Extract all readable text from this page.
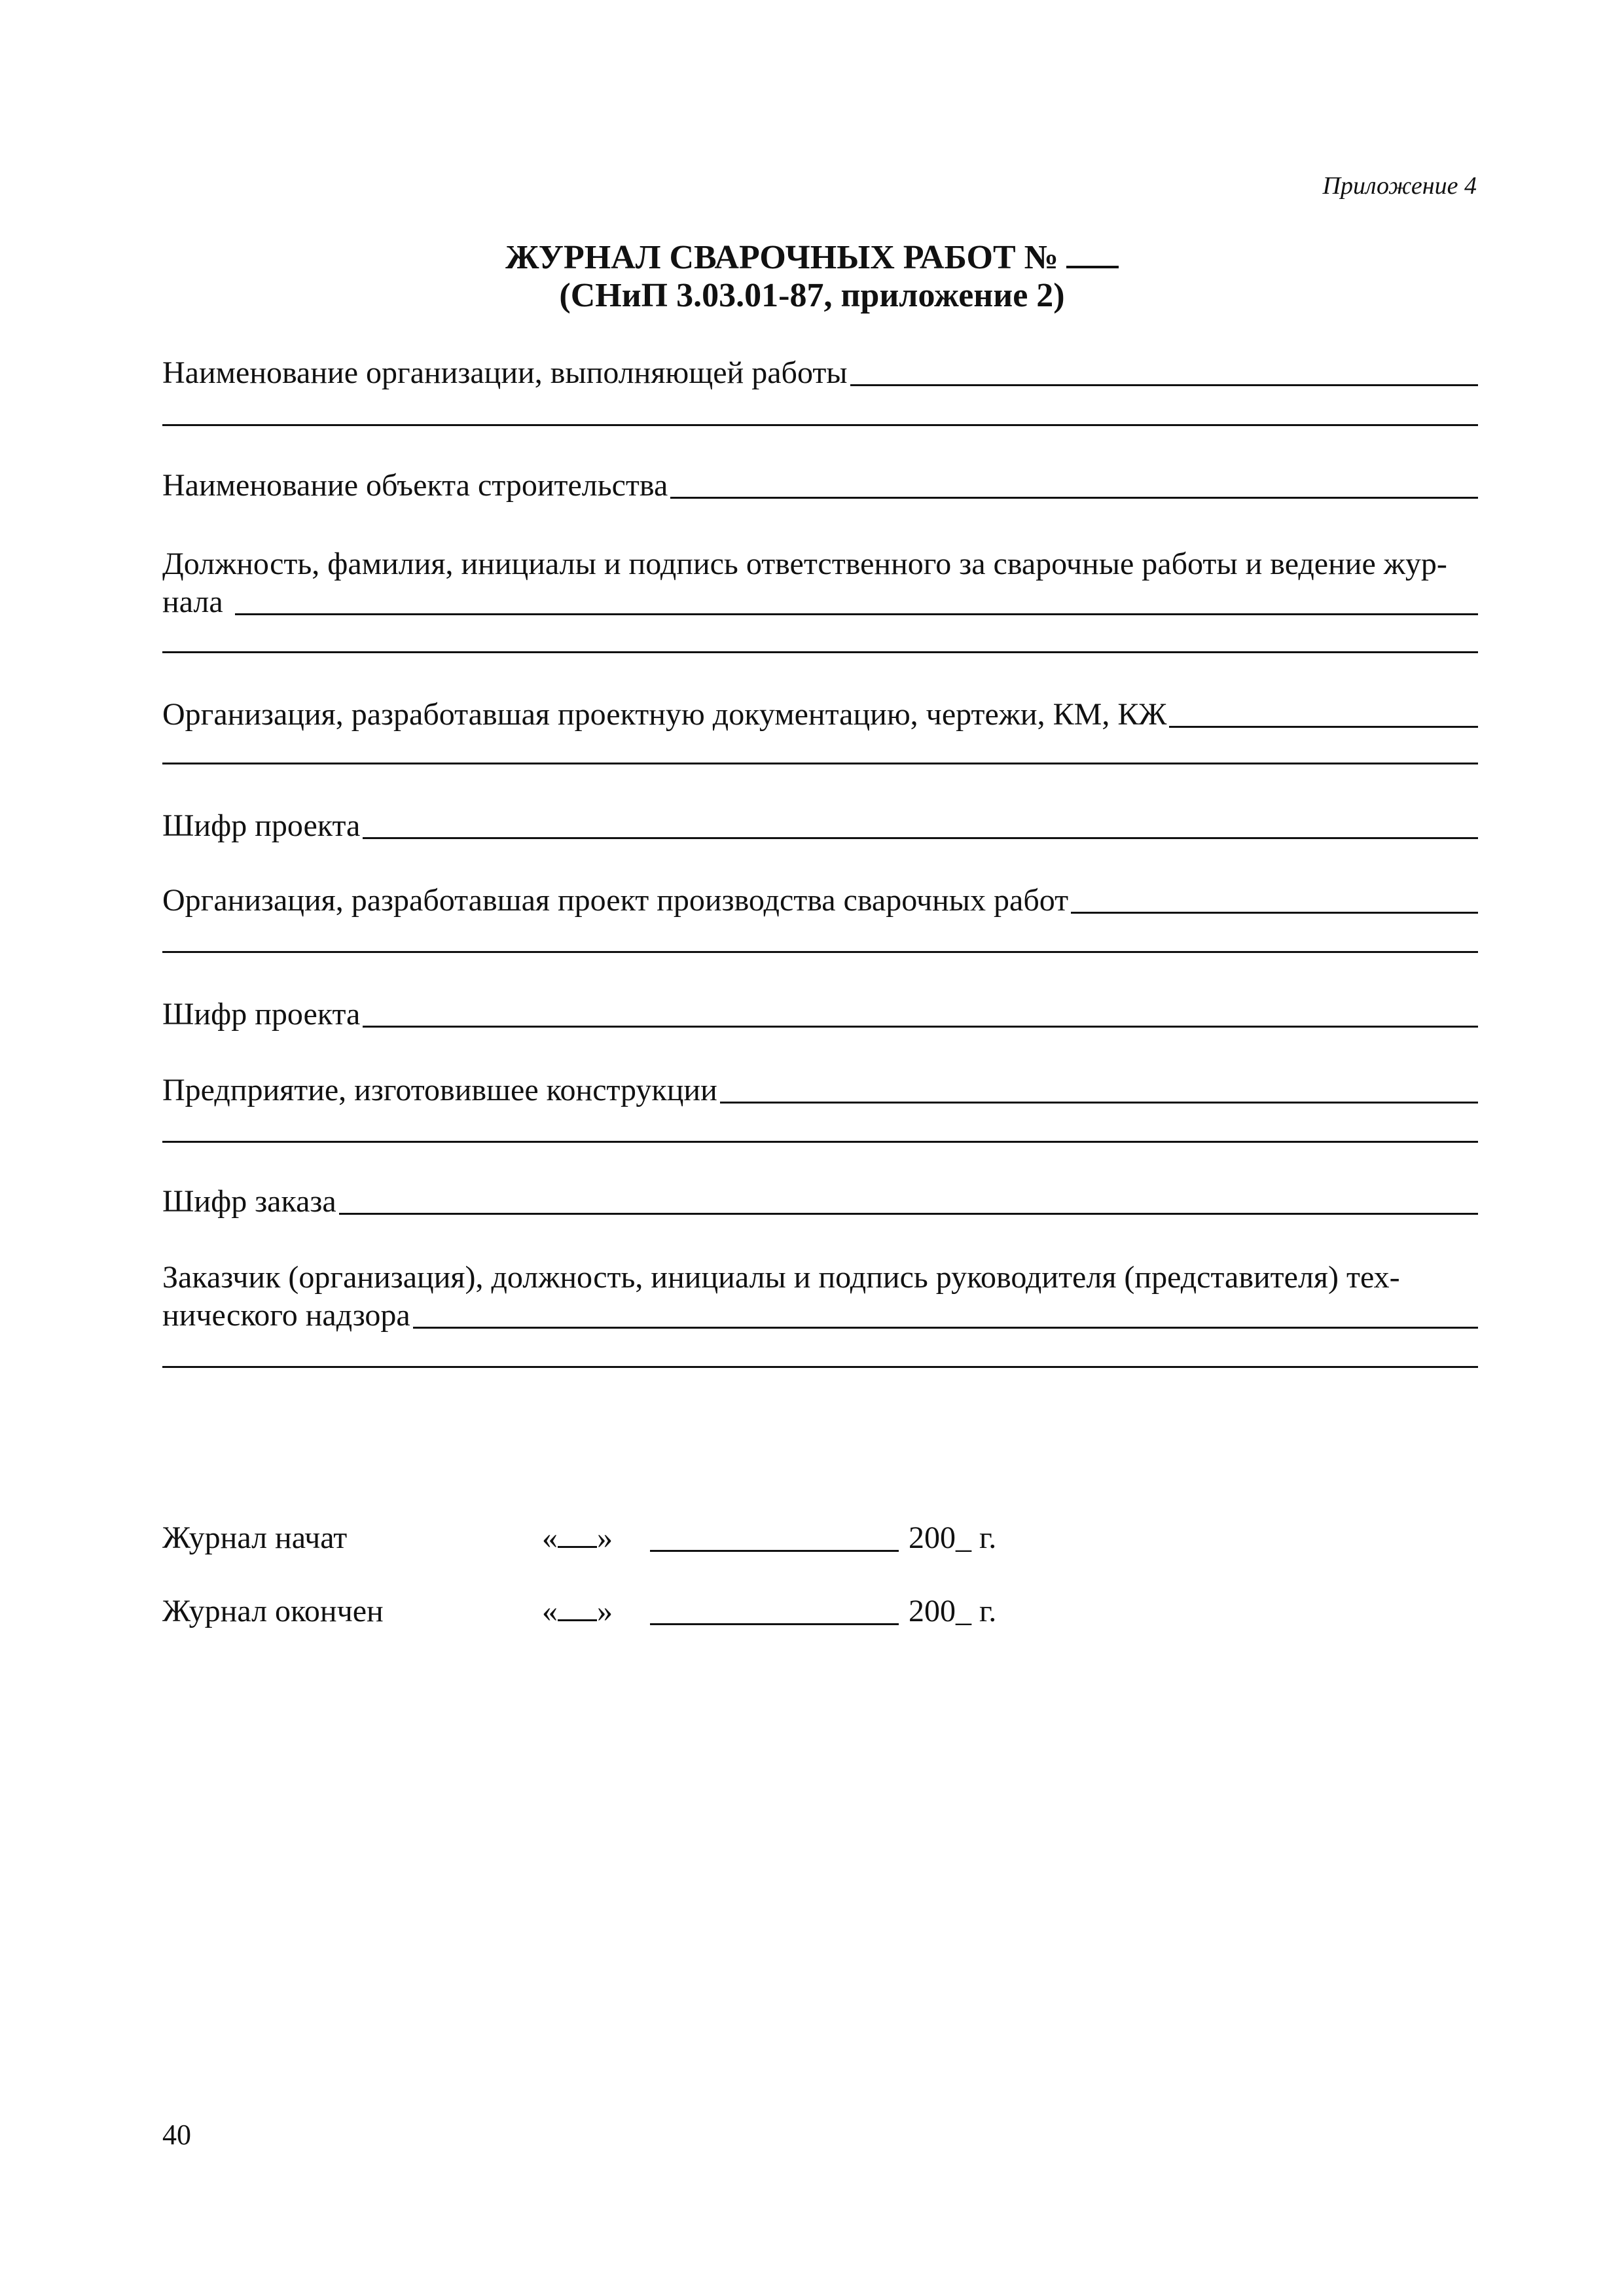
Приложение 4
ЖУРНАЛ СВАРОЧНЫХ РАБОТ №
(СНиП 3.03.01-87, приложение 2)
Наименование организации, выполняющей работы
Наименование объекта строительства
Должность, фамилия, инициалы и подпись ответственного за сварочные работы и ведение жур-
нала
Организация, разработавшая проектную документацию, чертежи, КМ, КЖ
Шифр проекта
Организация, разработавшая проект производства сварочных работ
Шифр проекта
Предприятие, изготовившее конструкции
Шифр заказа
Заказчик (организация), должность, инициалы и подпись руководителя (представителя) тех-
нического надзора
Журнал начат	« »	200_ г.
Журнал окончен	« »	200_ г.
40
